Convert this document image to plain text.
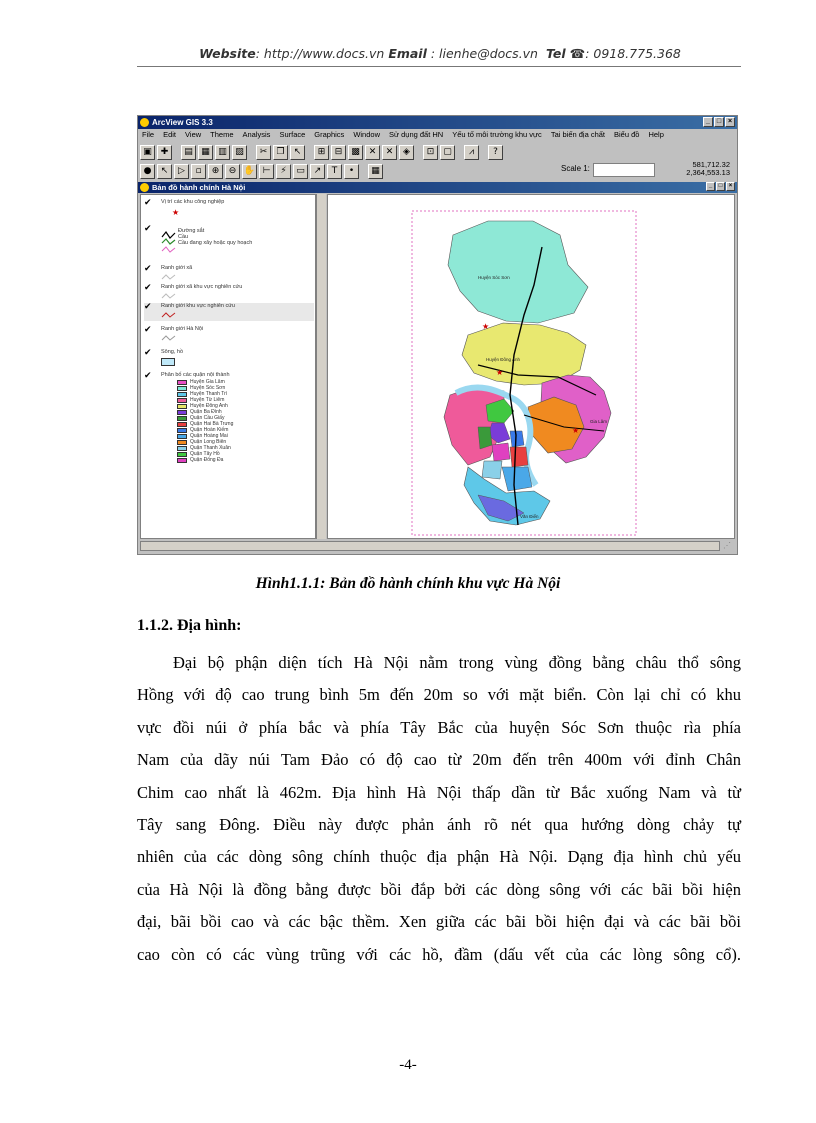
Website: http://www.docs.vn Email : lienhe@docs.vn Tel ☎: 0918.775.368
ArcView GIS 3.3	_ □ ×
File Edit View Theme Analysis Surface Graphics Window Sử dụng đất HN Yếu tố môi trường khu vực Tai biến địa chất Biểu đồ Help
▣ ✚	▤ ▦ ▥ ▨	✂	❐	↖	⊞	⊟ ▩ ✕	✕	◈	⊡ ▢	⩘	?
●	↖	▷	▫	⊕	⊖ ✋ ⊢	⚡	▭ ↗	T	•	▦	Scale 1:	581,712.32
2,364,553.13
Bản đồ hành chính Hà Nội	_	□	×
✔ Vị trí các khu công nghiệp
★
✔	Đường sắt
Cầu
Cầu đang xây hoặc quy hoạch
✔ Ranh giới xã
✔ Ranh giới xã khu vực nghiên cứu
✔ Ranh giới khu vực nghiên cứu
✔ Ranh giới Hà Nội
✔ Sông, hồ
✔ Phân bố các quận nội thành
Huyện Gia Lâm
Huyện Sóc Sơn
Huyện Thanh Trì
Huyện Từ Liêm
Huyện Đông Anh
Quận Ba Đình
Quận Cầu Giấy
Quận Hai Bà Trưng
Quận Hoàn Kiếm
Quận Hoàng Mai
Quận Long Biên
Quận Thanh Xuân
Quận Tây Hồ
Quận Đống Đa
★
★
★
Huyện Sóc Sơn
Huyện Đông Anh
Gia Lâm
Văn Điển
⋰
Hình1.1.1: Bản đồ hành chính khu vực Hà Nội
1.1.2. Địa hình:
Đại bộ phận diện tích Hà Nội nằm trong vùng đồng bằng châu thổ sông
Hồng với độ cao trung bình 5m đến 20m so với mặt biển. Còn lại chỉ có khu
vực đồi núi ở phía bắc và phía Tây Bắc của huyện Sóc Sơn thuộc rìa phía
Nam của dãy núi Tam Đảo có độ cao từ 20m đến trên 400m với đỉnh Chân
Chim cao nhất là 462m. Địa hình Hà Nội thấp dần từ Bắc xuống Nam và từ
Tây sang Đông. Điều này được phản ánh rõ nét qua hướng dòng chảy tự
nhiên của các dòng sông chính thuộc địa phận Hà Nội. Dạng địa hình chủ yếu
của Hà Nội là đồng bằng được bồi đắp bởi các dòng sông với các bãi bồi hiện
đại, bãi bồi cao và các bậc thềm. Xen giữa các bãi bồi hiện đại và các bãi bồi
cao còn có các vùng trũng với các hồ, đầm (dấu vết của các lòng sông cổ).
-4-
